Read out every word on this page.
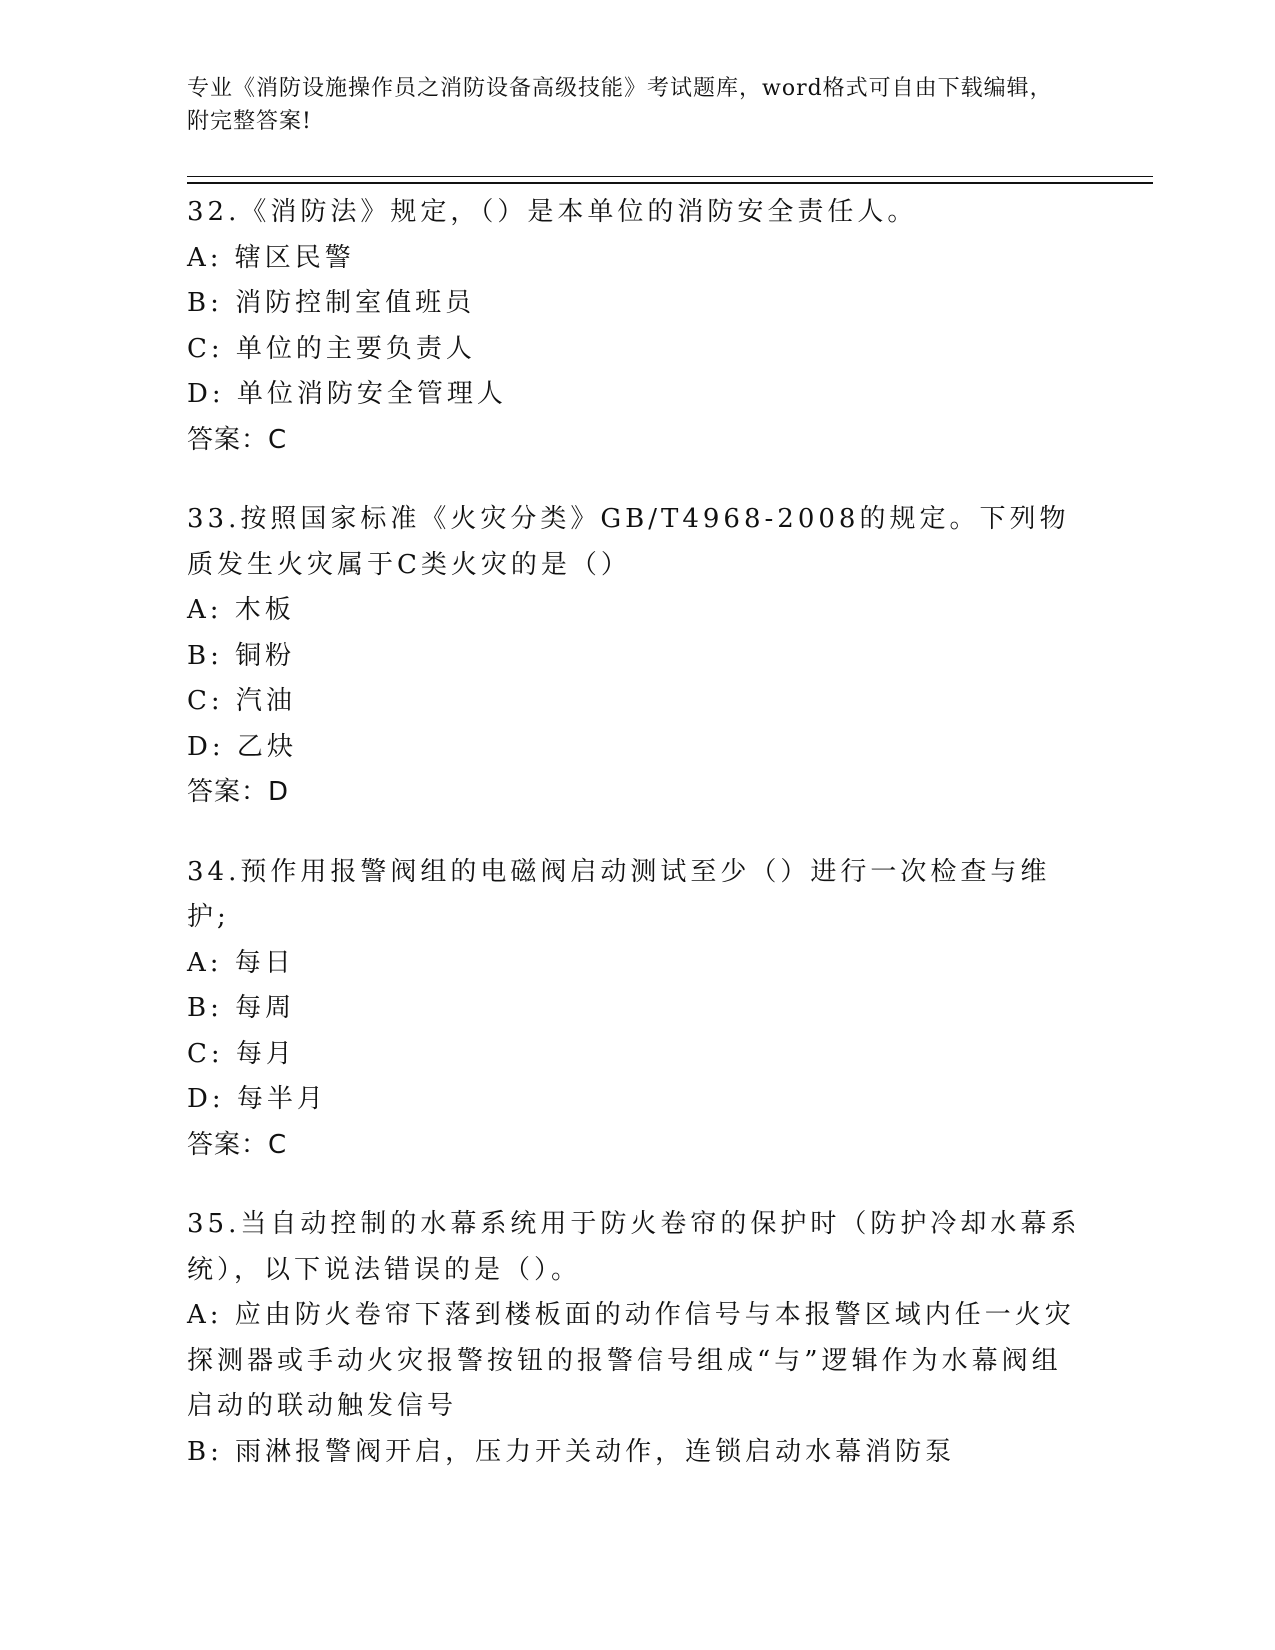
专业《消防设施操作员之消防设备高级技能》考试题库，word格式可自由下载编辑，附完整答案!
32.《消防法》规定，（）是本单位的消防安全责任人。
A: 辖区民警
B: 消防控制室值班员
C: 单位的主要负责人
D: 单位消防安全管理人
答案：C
33.按照国家标准《火灾分类》GB/T4968-2008的规定。下列物质发生火灾属于C类火灾的是（）
A: 木板
B: 铜粉
C: 汽油
D: 乙炔
答案：D
34.预作用报警阀组的电磁阀启动测试至少（）进行一次检查与维护;
A: 每日
B: 每周
C: 每月
D: 每半月
答案：C
35.当自动控制的水幕系统用于防火卷帘的保护时（防护冷却水幕系统），以下说法错误的是（）。
A: 应由防火卷帘下落到楼板面的动作信号与本报警区域内任一火灾探测器或手动火灾报警按钮的报警信号组成“与”逻辑作为水幕阀组启动的联动触发信号
B: 雨淋报警阀开启，压力开关动作，连锁启动水幕消防泵
